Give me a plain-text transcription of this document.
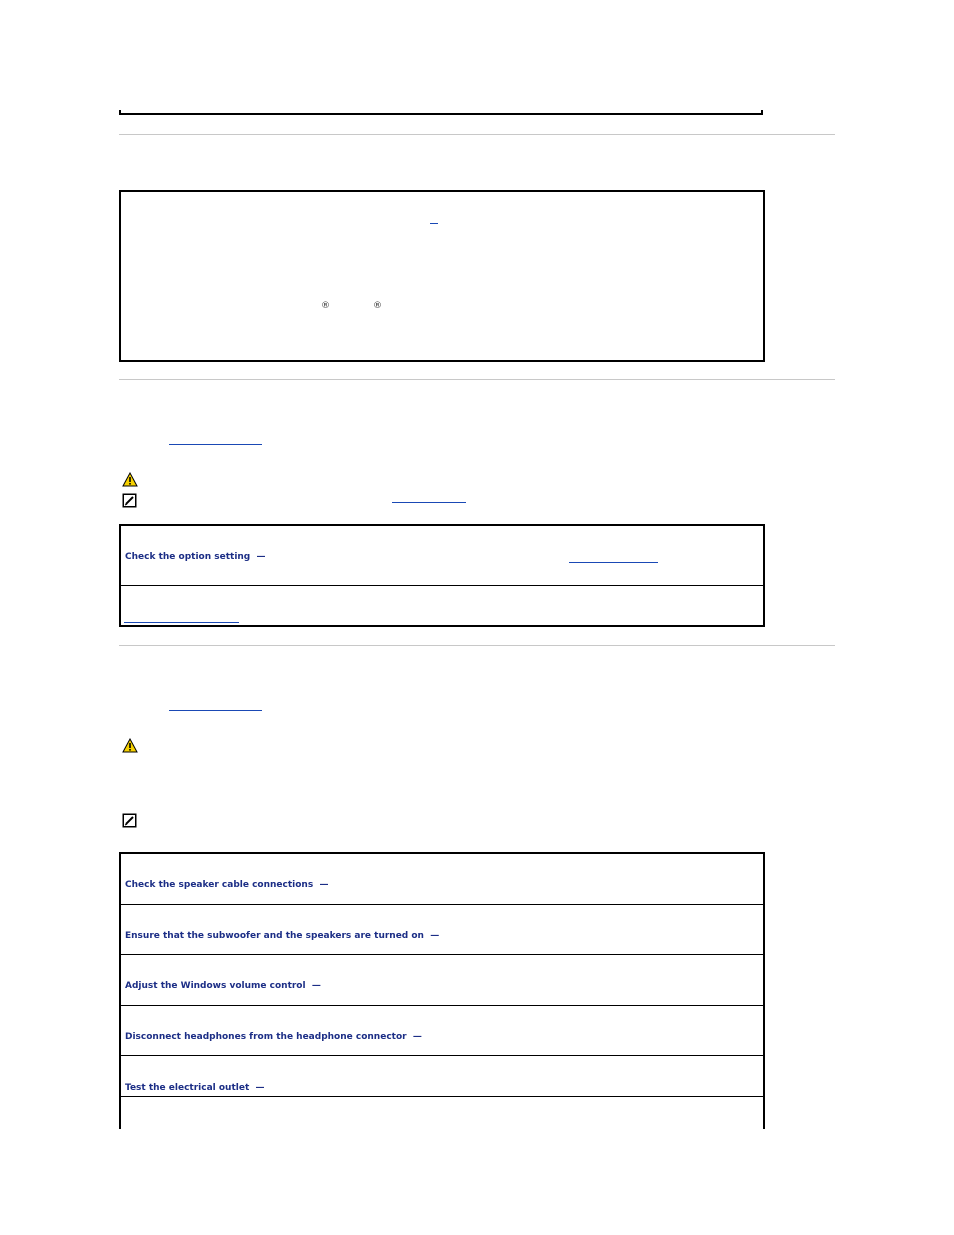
®	®
Check the option setting —
Check the speaker cable connections —
Ensure that the subwoofer and the speakers are turned on —
Adjust the Windows volume control —
Disconnect headphones from the headphone connector —
Test the electrical outlet —
